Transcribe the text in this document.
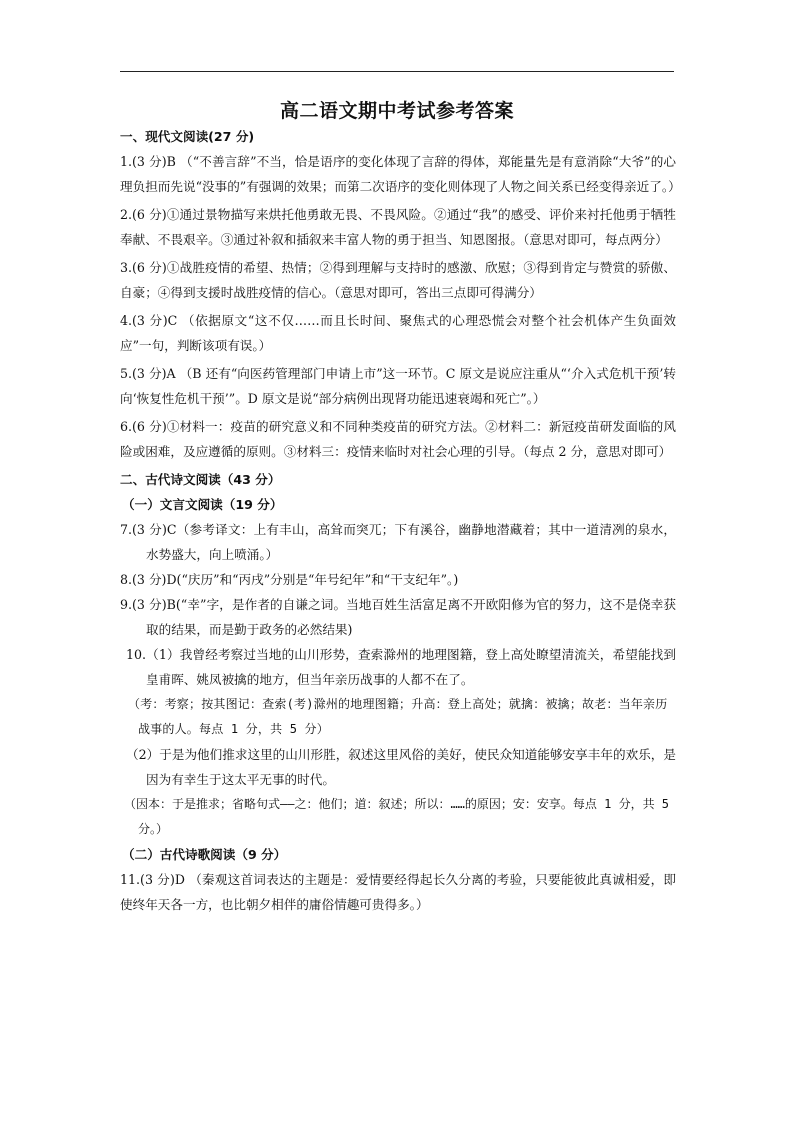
高二语文期中考试参考答案

一、现代文阅读(27 分)

1.(3 分)B （“不善言辞”不当，恰是语序的变化体现了言辞的得体，郑能量先是有意消除“大爷”的心理负担而先说“没事的”有强调的效果；而第二次语序的变化则体现了人物之间关系已经变得亲近了。）

2.(6 分)①通过景物描写来烘托他勇敢无畏、不畏风险。②通过“我”的感受、评价来衬托他勇于牺牲奉献、不畏艰辛。③通过补叙和插叙来丰富人物的勇于担当、知恩图报。（意思对即可，每点两分）

3.(6 分)①战胜疫情的希望、热情；②得到理解与支持时的感激、欣慰；③得到肯定与赞赏的骄傲、自豪；④得到支援时战胜疫情的信心。（意思对即可，答出三点即可得满分）

4.(3 分)C （依据原文“这不仅……而且长时间、聚焦式的心理恐慌会对整个社会机体产生负面效应”一句，判断该项有误。）

5.(3 分)A （B 还有“向医药管理部门申请上市”这一环节。C 原文是说应注重从“‘介入式危机干预’转向‘恢复性危机干预’”。D 原文是说“部分病例出现肾功能迅速衰竭和死亡”。）

6.(6 分)①材料一：疫苗的研究意义和不同种类疫苗的研究方法。②材料二：新冠疫苗研发面临的风险或困难，及应遵循的原则。③材料三：疫情来临时对社会心理的引导。（每点 2 分，意思对即可）

二、古代诗文阅读（43 分）

（一）文言文阅读（19 分）

7.(3 分)C（参考译文：上有丰山，高耸而突兀；下有溪谷，幽静地潜藏着；其中一道清冽的泉水，水势盛大，向上喷涌。）

8.(3 分)D(“庆历”和“丙戌”分别是“年号纪年”和“干支纪年”。)

9.(3 分)B(“幸”字，是作者的自谦之词。当地百姓生活富足离不开欧阳修为官的努力，这不是侥幸获取的结果，而是勤于政务的必然结果)

10.（1）我曾经考察过当地的山川形势，查索滁州的地理图籍，登上高处瞭望清流关，希望能找到皇甫晖、姚凤被擒的地方，但当年亲历战事的人都不在了。

（考：考察；按其图记：查索(考)滁州的地理图籍；升高：登上高处；就擒：被擒；故老：当年亲历战事的人。每点 1 分，共 5 分）

（2）于是为他们推求这里的山川形胜，叙述这里风俗的美好，使民众知道能够安享丰年的欢乐，是因为有幸生于这太平无事的时代。

（因本：于是推求；省略句式——之：他们；道：叙述；所以：……的原因；安：安享。每点 1 分，共 5 分。）

（二）古代诗歌阅读（9 分）

11.(3 分)D （秦观这首词表达的主题是：爱情要经得起长久分离的考验，只要能彼此真诚相爱，即使终年天各一方，也比朝夕相伴的庸俗情趣可贵得多。）
